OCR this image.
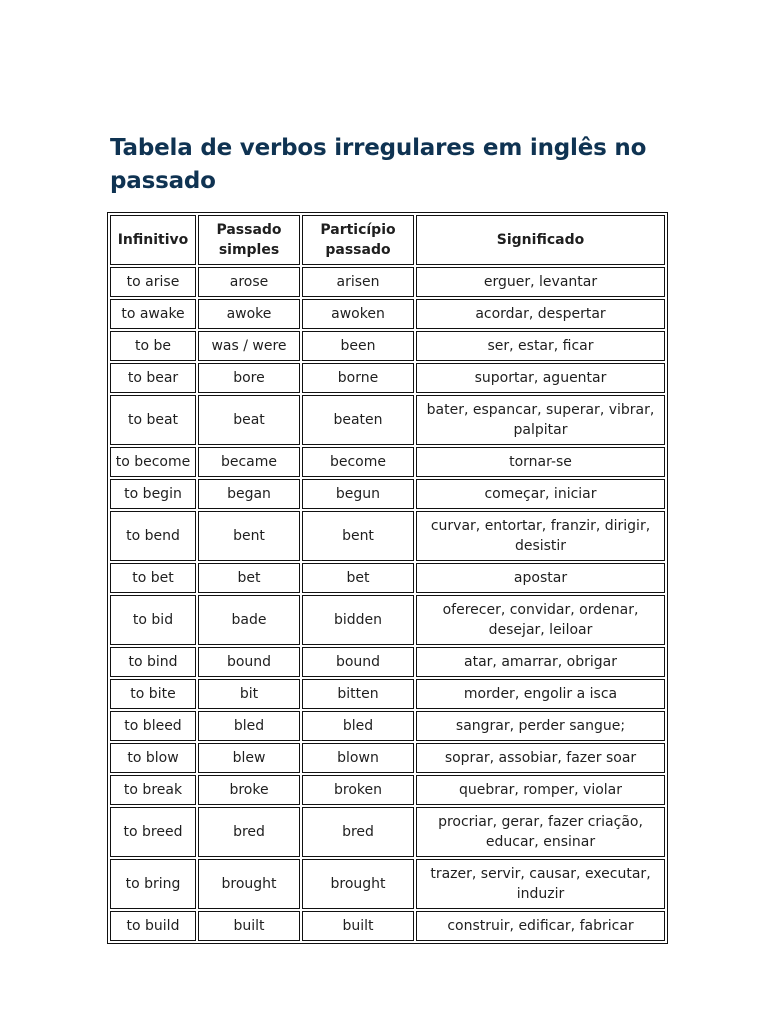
Tabela de verbos irregulares em inglês no passado
Infinitivo	Passado simples	Particípio passado	Significado
to arise	arose	arisen	erguer, levantar
to awake	awoke	awoken	acordar, despertar
to be	was / were	been	ser, estar, ficar
to bear	bore	borne	suportar, aguentar
to beat	beat	beaten	bater, espancar, superar, vibrar, palpitar
to become	became	become	tornar-se
to begin	began	begun	começar, iniciar
to bend	bent	bent	curvar, entortar, franzir, dirigir, desistir
to bet	bet	bet	apostar
to bid	bade	bidden	oferecer, convidar, ordenar, desejar, leiloar
to bind	bound	bound	atar, amarrar, obrigar
to bite	bit	bitten	morder, engolir a isca
to bleed	bled	bled	sangrar, perder sangue;
to blow	blew	blown	soprar, assobiar, fazer soar
to break	broke	broken	quebrar, romper, violar
to breed	bred	bred	procriar, gerar, fazer criação, educar, ensinar
to bring	brought	brought	trazer, servir, causar, executar, induzir
to build	built	built	construir, edificar, fabricar
